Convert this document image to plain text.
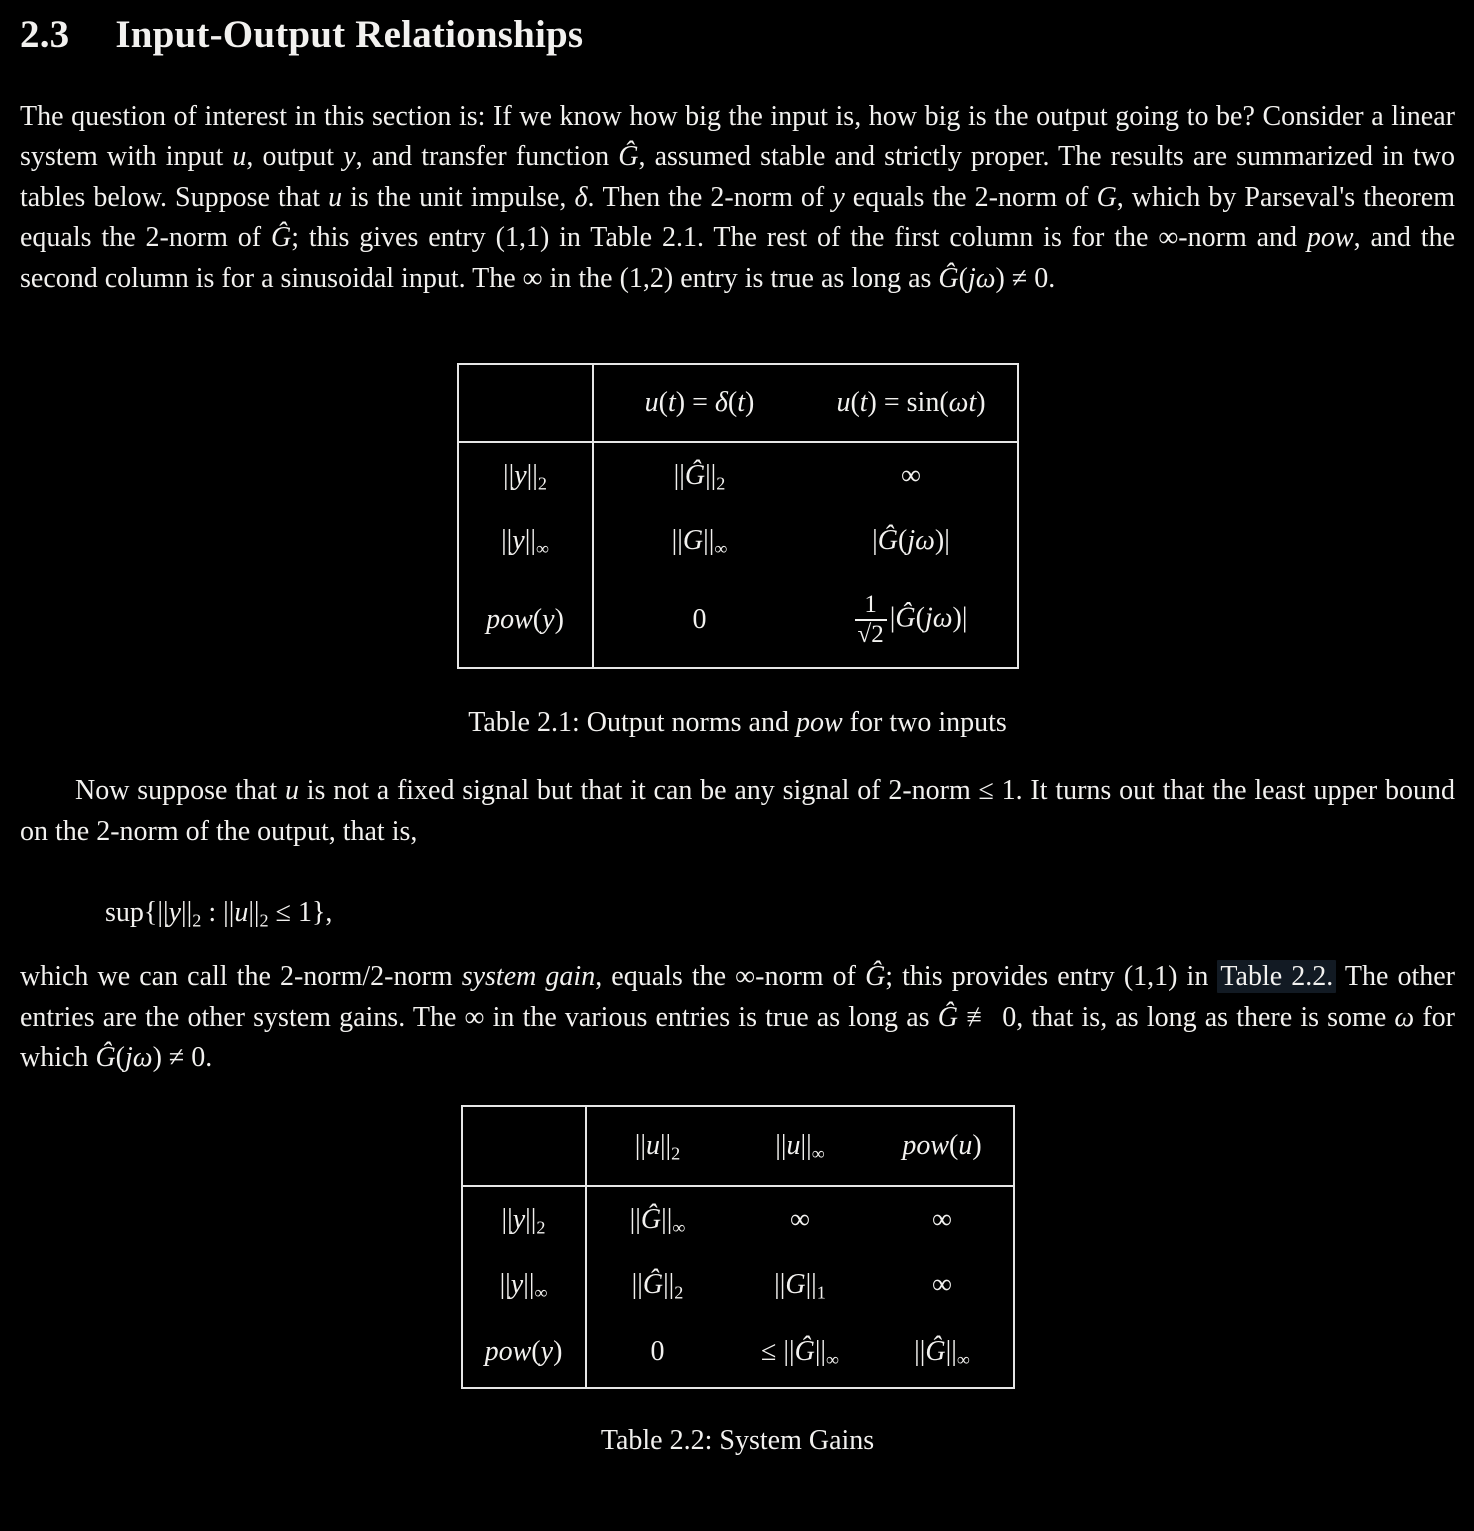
2.3 Input-Output Relationships

The question of interest in this section is: If we know how big the input is, how big is the output going to be? Consider a linear system with input u, output y, and transfer function Ĝ, assumed stable and strictly proper. The results are summarized in two tables below. Suppose that u is the unit impulse, δ. Then the 2-norm of y equals the 2-norm of G, which by Parseval's theorem equals the 2-norm of Ĝ; this gives entry (1,1) in Table 2.1. The rest of the first column is for the ∞-norm and pow, and the second column is for a sinusoidal input. The ∞ in the (1,2) entry is true as long as Ĝ(jω) ≠ 0.

	u(t) = δ(t)	u(t) = sin(ωt)
||y||2	||Ĝ||2	∞
||y||∞	||G||∞	|Ĝ(jω)|
pow(y)	0	$\frac{1}{√2}$ |Ĝ(jω)|
Table 2.1: Output norms and pow for two inputs

Now suppose that u is not a fixed signal but that it can be any signal of 2-norm ≤ 1. It turns out that the least upper bound on the 2-norm of the output, that is,

sup{||y||2 : ||u||2 ≤ 1},

which we can call the 2-norm/2-norm system gain, equals the ∞-norm of Ĝ; this provides entry (1,1) in Table 2.2. The other entries are the other system gains. The ∞ in the various entries is true as long as Ĝ ≢ 0, that is, as long as there is some ω for which Ĝ(jω) ≠ 0.

	||u||2	||u||∞	pow(u)
||y||2	||Ĝ||∞	∞	∞
||y||∞	||Ĝ||2	||G||1	∞
pow(y)	0	≤ ||Ĝ||∞	||Ĝ||∞
Table 2.2: System Gains
